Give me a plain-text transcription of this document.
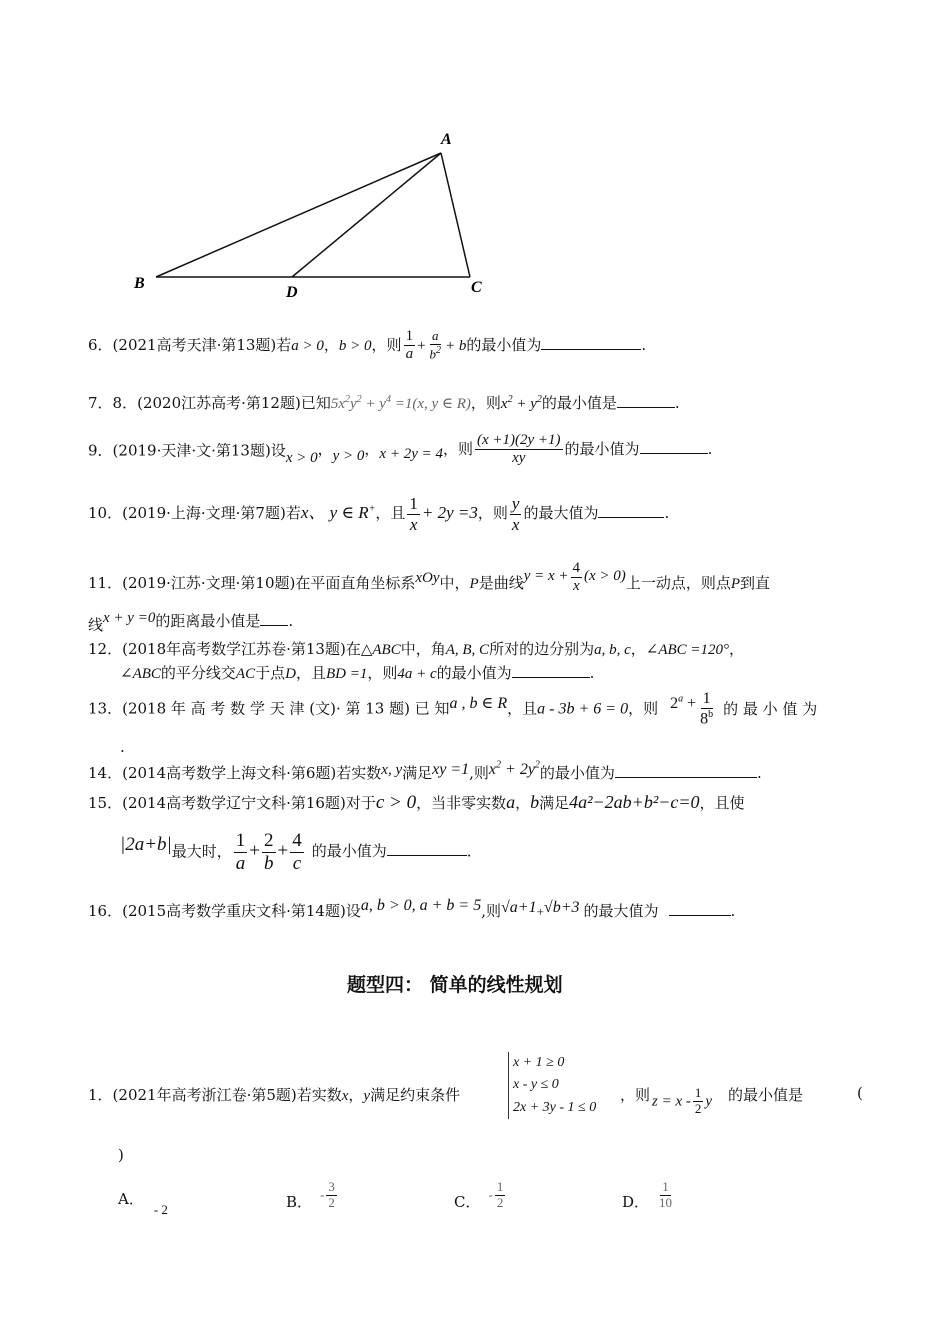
A
B
D	C
6．(2021高考天津·第13题)若a > 0，b > 0，则 $\frac{1}{a} + \frac{a}{b^2} + b$的最小值为	.
7．8．(2020江苏高考·第12题)已知$5x^2y^2 + y^4 =1(x$, y ∈ R)，则$x^2 + y^2$的最小值是	.
9．(2019·天津·文·第13题)设x > 0，y > 0，x + 2y = 4，则 $\frac{(x +1)(2y +1)}{xy}$ 的最小值为	.
10．(2019·上海·文理·第7题)若x、 y ∈ R+，且 $\frac{1}{x} + 2y =3$，则 $\frac{y}{x}$ 的最大值为	.
11．(2019·江苏·文理·第10题)在平面直角坐标系xOy中，P是曲线$y = x + \frac{4}{x} (x > 0)$上一动点，则点P到直
线x + y =0的距离最小值是 .
12．(2018年高考数学江苏卷·第13题)在△ABC中，角A, B, C所对的边分别为a, b, c，∠ABC =120°，
∠ABC的平分线交AC于点D，且BD =1，则4a + c的最小值为	.
13．(2018 年 高 考 数 学 天 津 (文)· 第 13 题) 已 知a , b ∈ R，且a - 3b + 6 = 0，则 $2^a + \frac{1}{8^b}$ 的 最 小 值 为
.
14．(2014高考数学上海文科·第6题)若实数x, y满足xy =1,则$x^2 + 2y^2$的最小值为	.
15．(2014高考数学辽宁文科·第16题)对于c > 0，当非零实数a，b满足4a²−2ab+b²−c=0，且使
|2a+b|最大时， $\frac{1}{a} + \frac{2}{b} + \frac{4}{c}$ 的最小值为	.
16．(2015高考数学重庆文科·第14题)设a, b > 0, a + b = 5,则√a+1+√b+3 的最大值为	.
题型四： 简单的线性规划
1．(2021年高考浙江卷·第5题)若实数x，y满足约束条件
x + 1 ≥ 0
x - y ≤ 0
2x + 3y - 1 ≤ 0
，则 $z = x - \frac{1}{2}$ y 的最小值是	(
)
A．- 2	B． - $\frac{3}{2}$	C． - $\frac{1}{2}$	D． $\frac{1}{10}$
